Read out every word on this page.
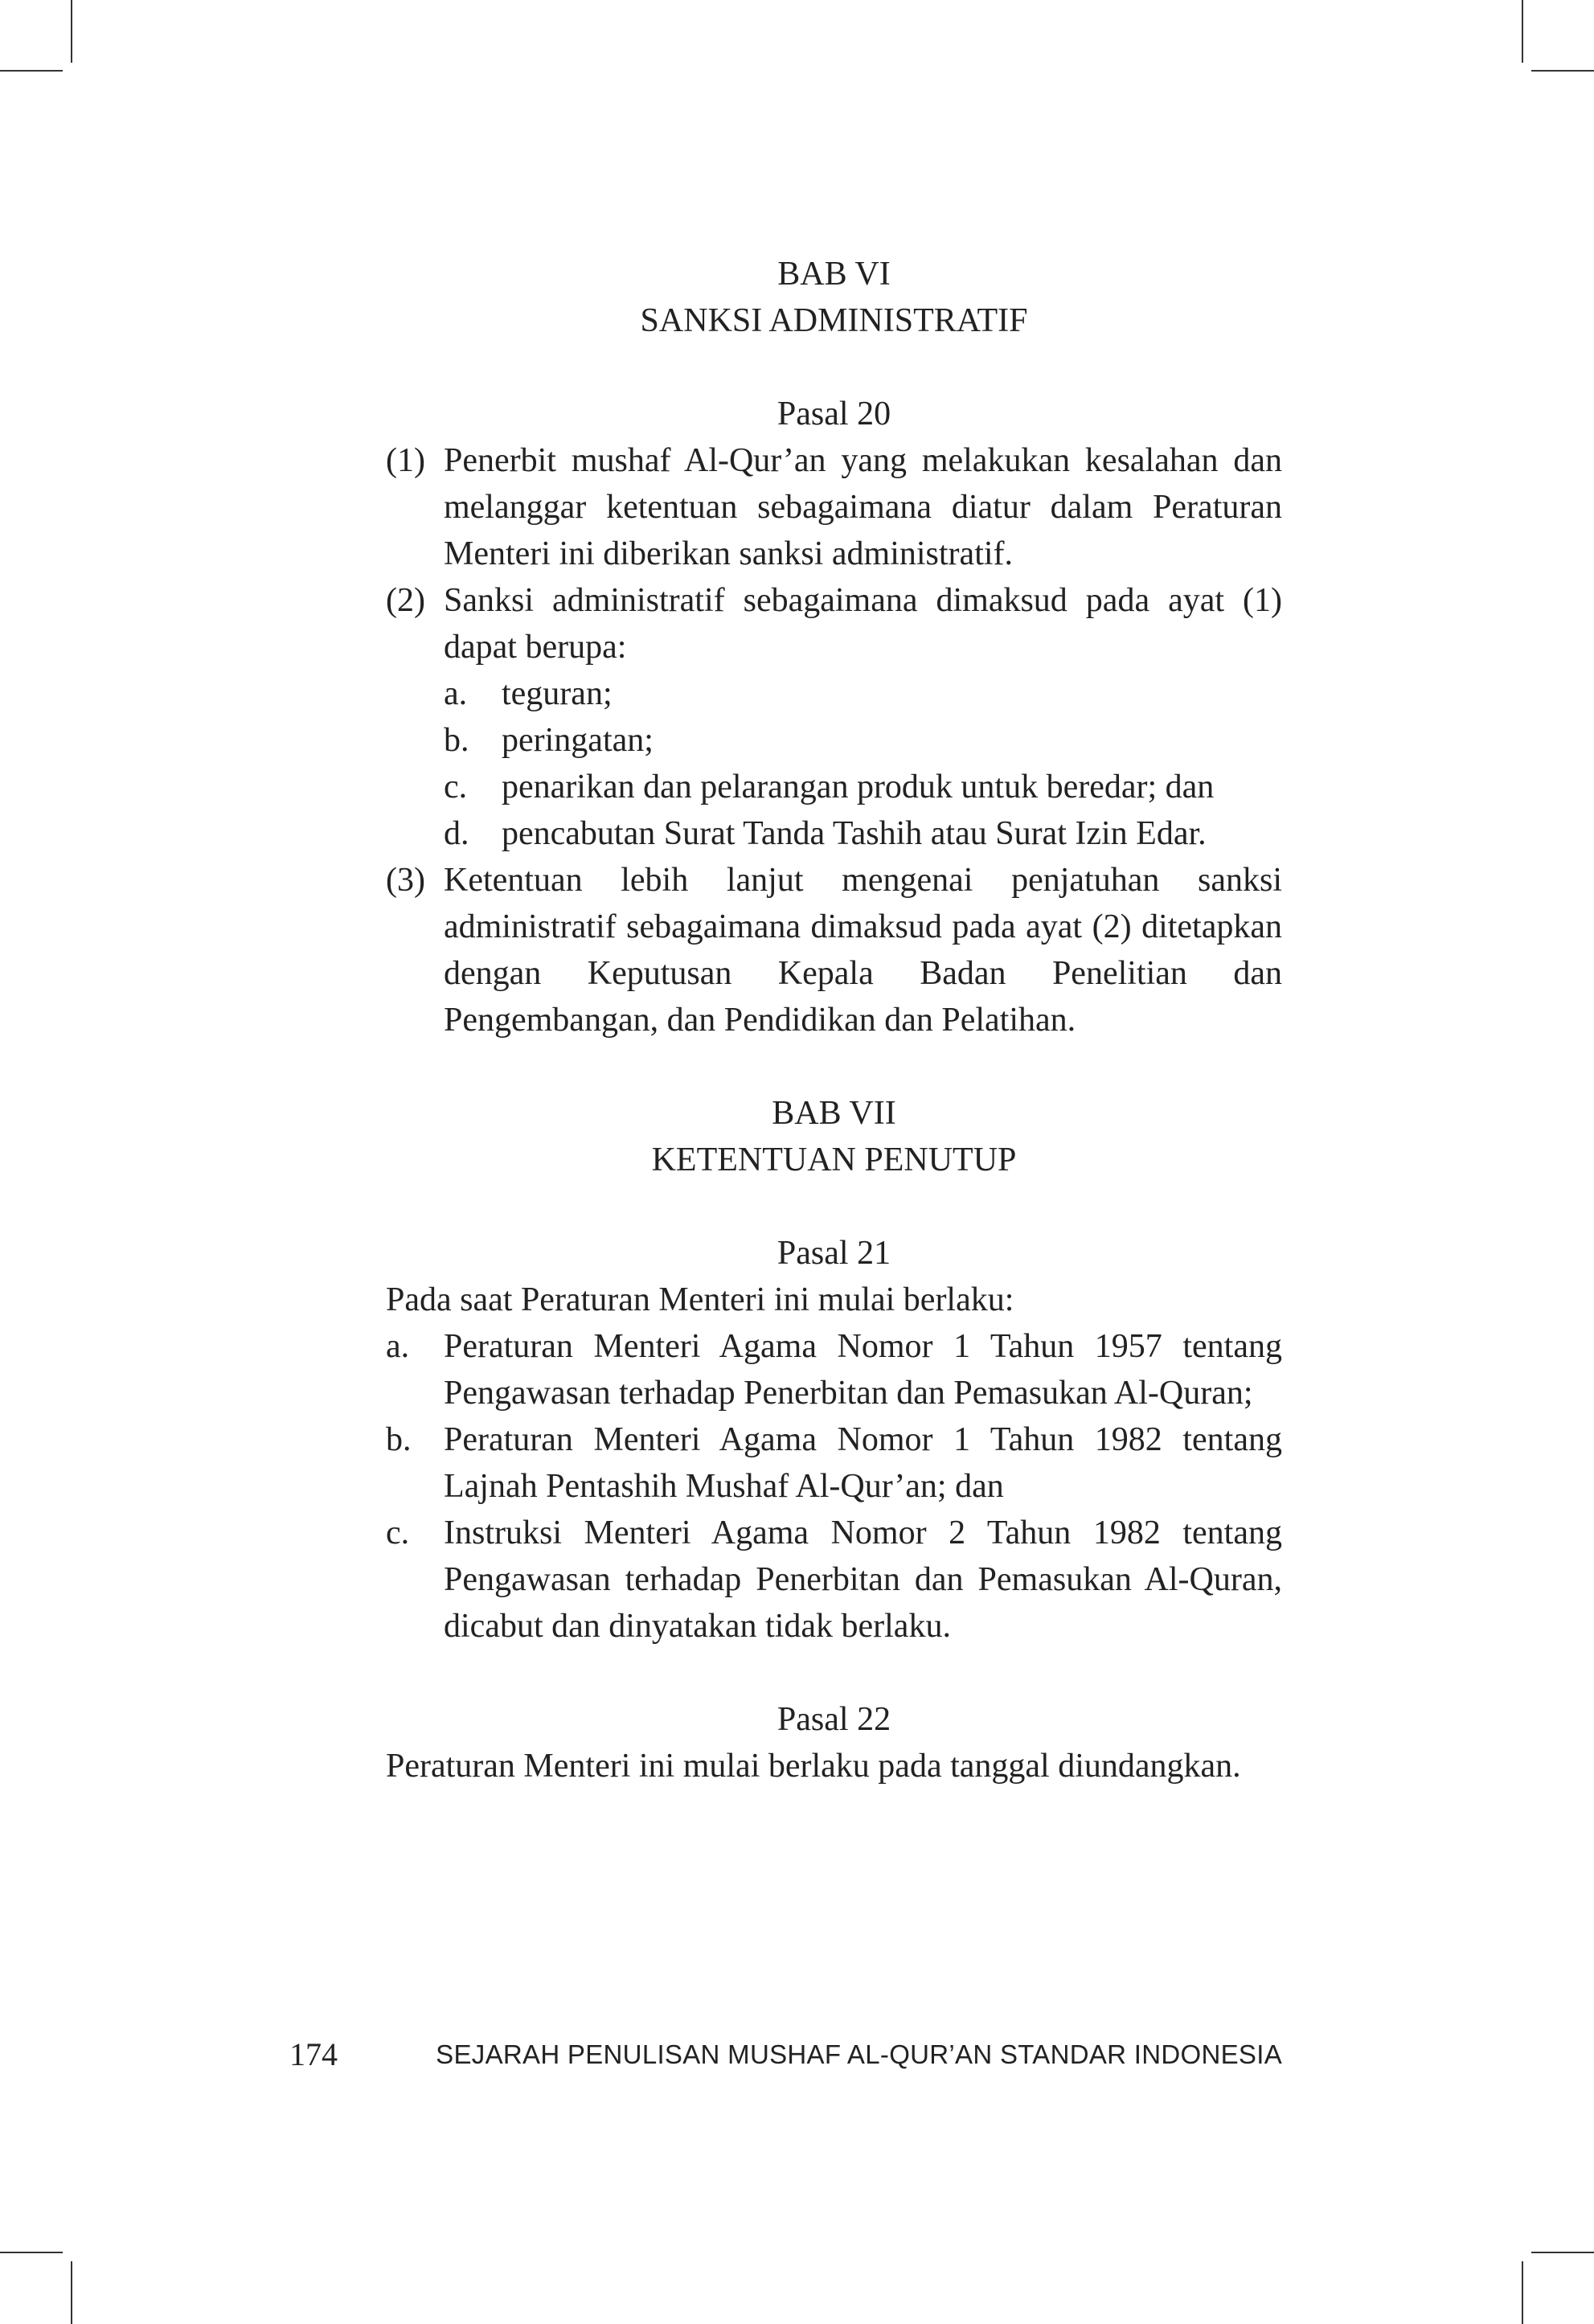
BAB VI
SANKSI ADMINISTRATIF
Pasal 20
(1) Penerbit mushaf Al-Qur’an yang melakukan kesalahan dan melanggar ketentuan sebagaimana diatur dalam Peraturan Menteri ini diberikan sanksi administratif.
(2) Sanksi administratif sebagaimana dimaksud pada ayat (1) dapat berupa:
a.	teguran;
b. peringatan;
c.	penarikan dan pelarangan produk untuk beredar; dan
d. pencabutan Surat Tanda Tashih atau Surat Izin Edar.
(3) Ketentuan lebih lanjut mengenai penjatuhan sanksi administratif sebagaimana dimaksud pada ayat (2) ditetapkan dengan Keputusan Kepala Badan Penelitian dan Pengembangan, dan Pendidikan dan Pelatihan.
BAB VII
KETENTUAN PENUTUP
Pasal 21
Pada saat Peraturan Menteri ini mulai berlaku:
a.	Peraturan Menteri Agama Nomor 1 Tahun 1957 tentang Pengawasan terhadap Penerbitan dan Pemasukan Al-Quran;
b. Peraturan Menteri Agama Nomor 1 Tahun 1982 tentang Lajnah Pentashih Mushaf Al-Qur’an; dan
c.	Instruksi Menteri Agama Nomor 2 Tahun 1982 tentang Pengawasan terhadap Penerbitan dan Pemasukan Al-Quran, dicabut dan dinyatakan tidak berlaku.
Pasal 22
Peraturan Menteri ini mulai berlaku pada tanggal diundangkan.
174	SEJARAH PENULISAN MUSHAF AL-QUR’AN STANDAR INDONESIA
